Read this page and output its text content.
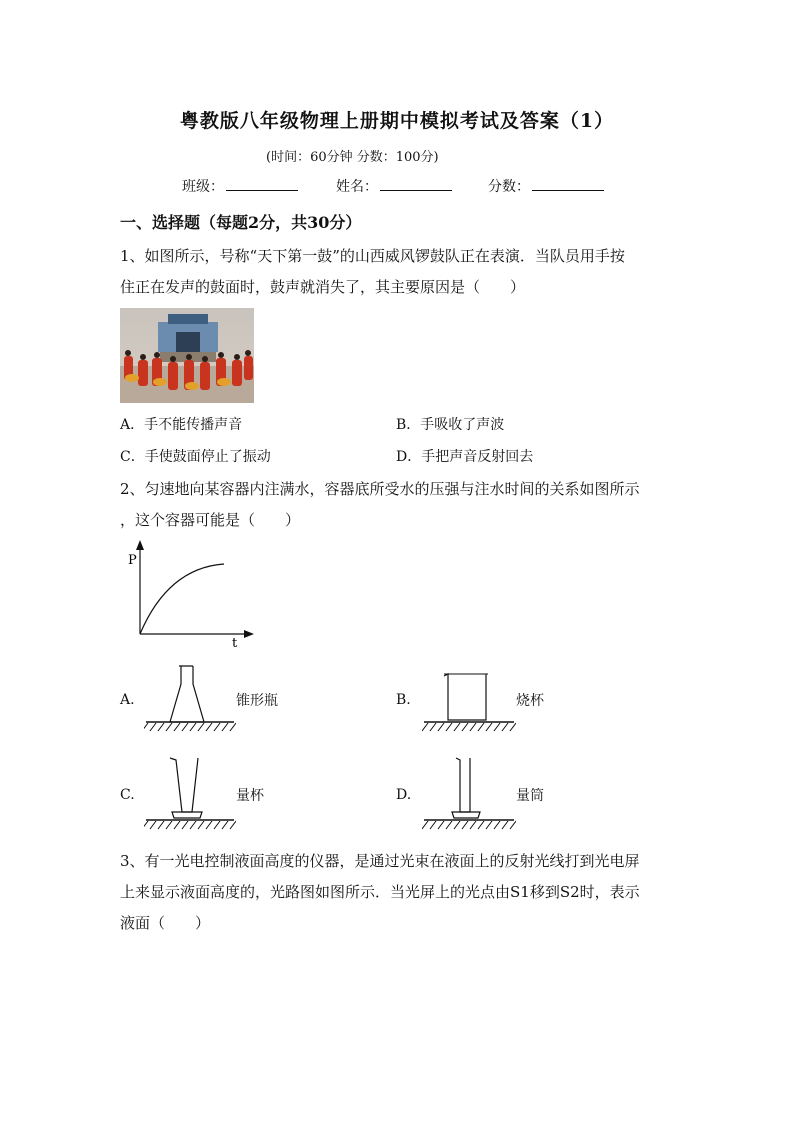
粤教版八年级物理上册期中模拟考试及答案（1）
(时间：60分钟 分数：100分)
班级：	姓名：	分数：
一、选择题（每题2分，共30分）
1、如图所示，号称“天下第一鼓”的山西威风锣鼓队正在表演．当队员用手按
住正在发声的鼓面时，鼓声就消失了，其主要原因是（　　）
A．手不能传播声音	B．手吸收了声波
C．手使鼓面停止了振动	D．手把声音反射回去
2、匀速地向某容器内注满水，容器底所受水的压强与注水时间的关系如图所示
，这个容器可能是（　　）
P
t
A.	锥形瓶	B.	烧杯
C.	量杯	D.	量筒
3、有一光电控制液面高度的仪器，是通过光束在液面上的反射光线打到光电屏
上来显示液面高度的，光路图如图所示．当光屏上的光点由S1移到S2时，表示
液面（　　）
